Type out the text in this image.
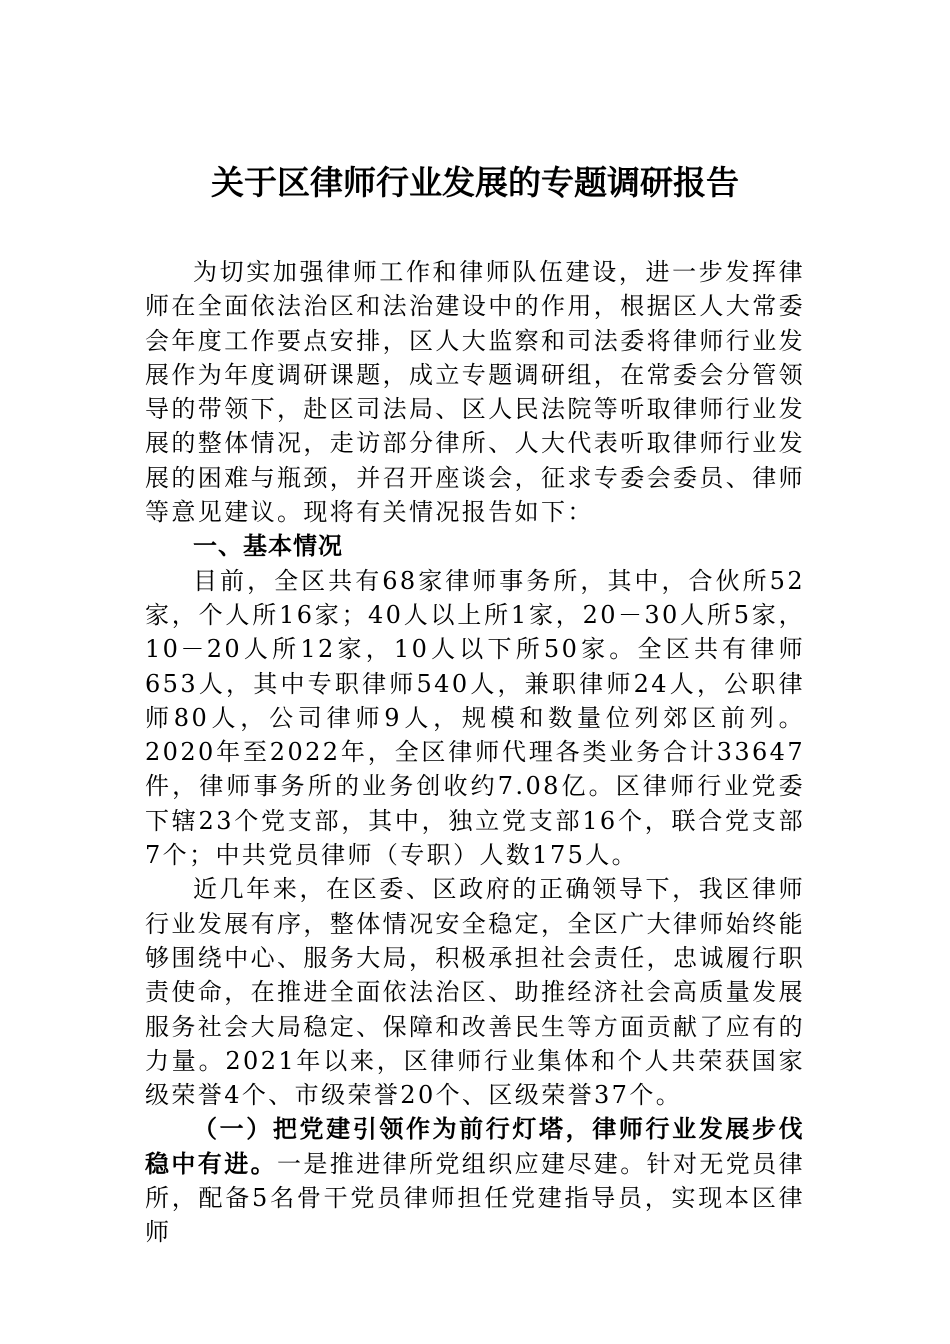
关于区律师行业发展的专题调研报告

为切实加强律师工作和律师队伍建设，进一步发挥律师在全面依法治区和法治建设中的作用，根据区人大常委会年度工作要点安排，区人大监察和司法委将律师行业发展作为年度调研课题，成立专题调研组，在常委会分管领导的带领下，赴区司法局、区人民法院等听取律师行业发展的整体情况，走访部分律所、人大代表听取律师行业发展的困难与瓶颈，并召开座谈会，征求专委会委员、律师等意见建议。现将有关情况报告如下：

一、基本情况

目前，全区共有68家律师事务所，其中，合伙所52家，个人所16家；40人以上所1家，20－30人所5家，10－20人所12家，10人以下所50家。全区共有律师653人，其中专职律师540人，兼职律师24人，公职律师80人，公司律师9人，规模和数量位列郊区前列。2020年至2022年，全区律师代理各类业务合计33647件，律师事务所的业务创收约7.08亿。区律师行业党委下辖23个党支部，其中，独立党支部16个，联合党支部7个；中共党员律师（专职）人数175人。

近几年来，在区委、区政府的正确领导下，我区律师行业发展有序，整体情况安全稳定，全区广大律师始终能够围绕中心、服务大局，积极承担社会责任，忠诚履行职责使命，在推进全面依法治区、助推经济社会高质量发展服务社会大局稳定、保障和改善民生等方面贡献了应有的力量。2021年以来，区律师行业集体和个人共荣获国家级荣誉4个、市级荣誉20个、区级荣誉37个。

（一）把党建引领作为前行灯塔，律师行业发展步伐稳中有进。一是推进律所党组织应建尽建。针对无党员律所，配备5名骨干党员律师担任党建指导员，实现本区律师
